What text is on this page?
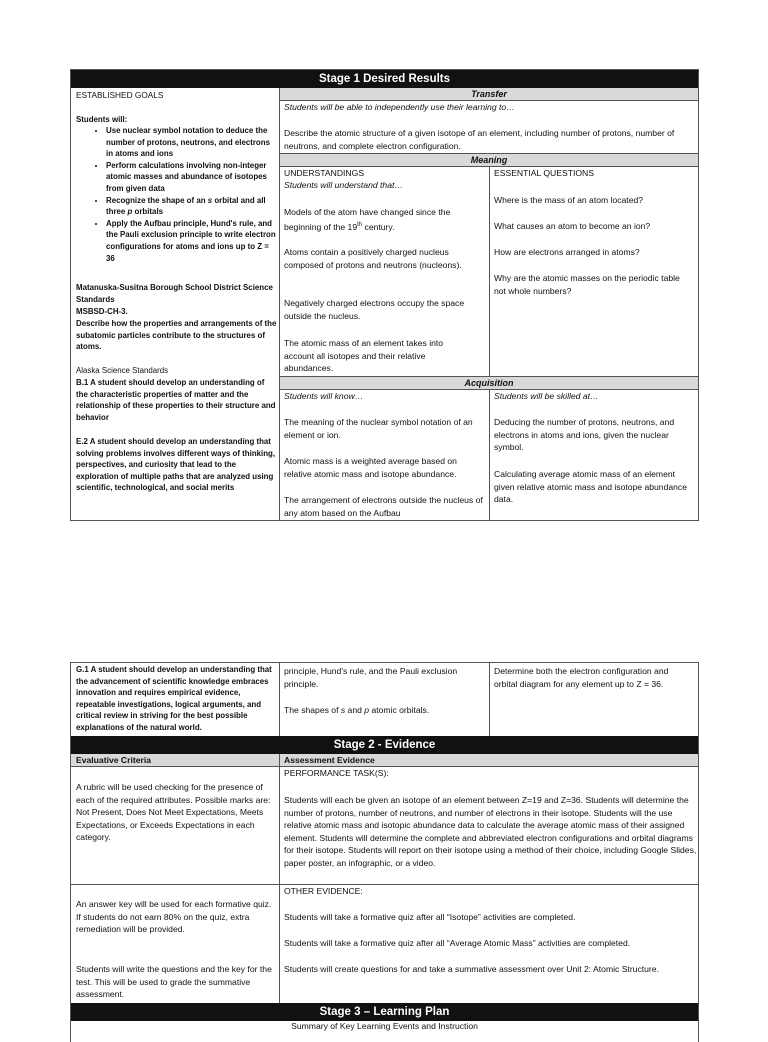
Stage 1 Desired Results
ESTABLISHED GOALS
Students will:
• Use nuclear symbol notation to deduce the number of protons, neutrons, and electrons in atoms and ions
• Perform calculations involving non-integer atomic masses and abundance of isotopes from given data
• Recognize the shape of an s orbital and all three p orbitals
• Apply the Aufbau principle, Hund's rule, and the Pauli exclusion principle to write electron configurations for atoms and ions up to Z = 36
Matanuska-Susitna Borough School District Science Standards
MSBSD-CH-3.
Describe how the properties and arrangements of the subatomic particles contribute to the structures of atoms.
Alaska Science Standards
B.1 A student should develop an understanding of the characteristic properties of matter and the relationship of these properties to their structure and behavior
E.2 A student should develop an understanding that solving problems involves different ways of thinking, perspectives, and curiosity that lead to the exploration of multiple paths that are analyzed using scientific, technological, and social merits
Transfer
Students will be able to independently use their learning to…
Describe the atomic structure of a given isotope of an element, including number of protons, number of neutrons, and complete electron configuration.
Meaning
UNDERSTANDINGS
Students will understand that…
Models of the atom have changed since the beginning of the 19th century.
Atoms contain a positively charged nucleus composed of protons and neutrons (nucleons).
Negatively charged electrons occupy the space outside the nucleus.
The atomic mass of an element takes into account all isotopes and their relative abundances.
ESSENTIAL QUESTIONS
Where is the mass of an atom located?
What causes an atom to become an ion?
How are electrons arranged in atoms?
Why are the atomic masses on the periodic table not whole numbers?
Acquisition
Students will know…
The meaning of the nuclear symbol notation of an element or ion.
Atomic mass is a weighted average based on relative atomic mass and isotope abundance.
The arrangement of electrons outside the nucleus of any atom based on the Aufbau
Students will be skilled at…
Deducing the number of protons, neutrons, and electrons in atoms and ions, given the nuclear symbol.
Calculating average atomic mass of an element given relative atomic mass and isotope abundance data.
G.1 A student should develop an understanding that the advancement of scientific knowledge embraces innovation and requires empirical evidence, repeatable investigations, logical arguments, and critical review in striving for the best possible explanations of the natural world.
principle, Hund's rule, and the Pauli exclusion principle.
The shapes of s and p atomic orbitals.
Determine both the electron configuration and orbital diagram for any element up to Z = 36.
Stage 2 - Evidence
Evaluative Criteria	Assessment Evidence
PERFORMANCE TASK(S):
A rubric will be used checking for the presence of each of the required attributes. Possible marks are: Not Present, Does Not Meet Expectations, Meets Expectations, or Exceeds Expectations in each category.
Students will each be given an isotope of an element between Z=19 and Z=36. Students will determine the number of protons, number of neutrons, and number of electrons in their isotope. Students will the use relative atomic mass and isotopic abundance data to calculate the average atomic mass of their assigned element. Students will determine the complete and abbreviated electron configurations and orbital diagrams for their isotope. Students will report on their isotope using a method of their choice, including Google Slides, paper poster, an infographic, or a video.
OTHER EVIDENCE:
An answer key will be used for each formative quiz. If students do not earn 80% on the quiz, extra remediation will be provided.
Students will write the questions and the key for the test. This will be used to grade the summative assessment.
Students will take a formative quiz after all “Isotope” activities are completed.
Students will take a formative quiz after all “Average Atomic Mass” activities are completed.
Students will create questions for and take a summative assessment over Unit 2: Atomic Structure.
Stage 3 – Learning Plan
Summary of Key Learning Events and Instruction
